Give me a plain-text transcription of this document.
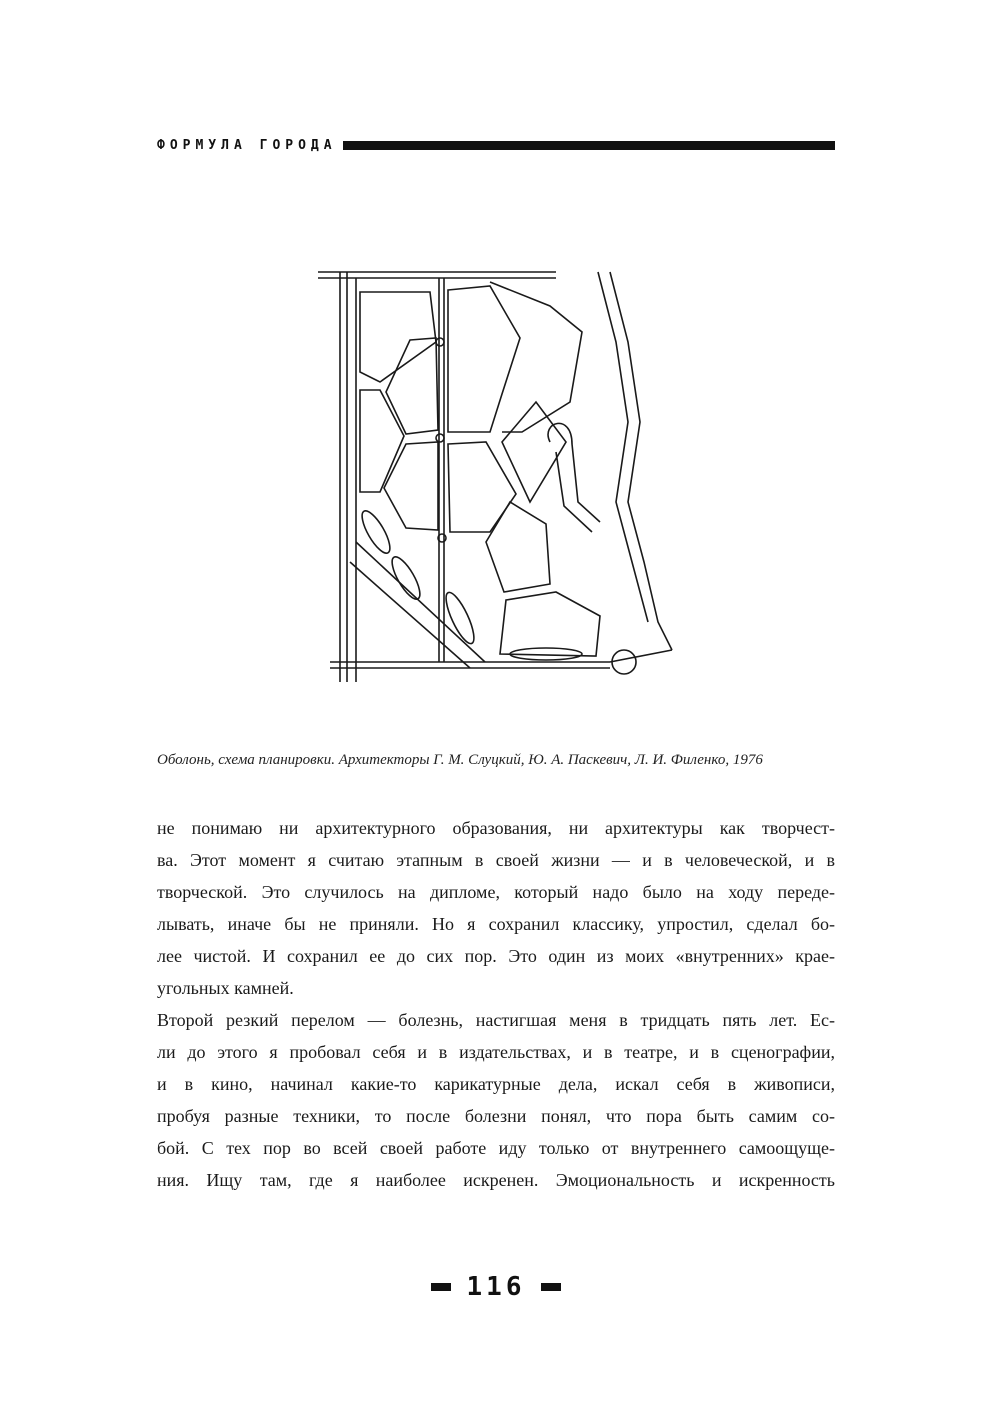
ФОРМУЛА ГОРОДА
Оболонь, схема планировки. Архитекторы Г. М. Слуцкий, Ю. А. Паскевич, Л. И. Филенко, 1976
не понимаю ни архитектурного образования, ни архитектуры как творчест-
ва. Этот момент я считаю этапным в своей жизни — и в человеческой, и в
творческой. Это случилось на дипломе, который надо было на ходу переде-
лывать, иначе бы не приняли. Но я сохранил классику, упростил, сделал бо-
лее чистой. И сохранил ее до сих пор. Это один из моих «внутренних» крае-
угольных камней.
Второй резкий перелом — болезнь, настигшая меня в тридцать пять лет. Ес-
ли до этого я пробовал себя и в издательствах, и в театре, и в сценографии,
и в кино, начинал какие-то карикатурные дела, искал себя в живописи,
пробуя разные техники, то после болезни понял, что пора быть самим со-
бой. С тех пор во всей своей работе иду только от внутреннего самоощуще-
ния. Ищу там, где я наиболее искренен. Эмоциональность и искренность
116
